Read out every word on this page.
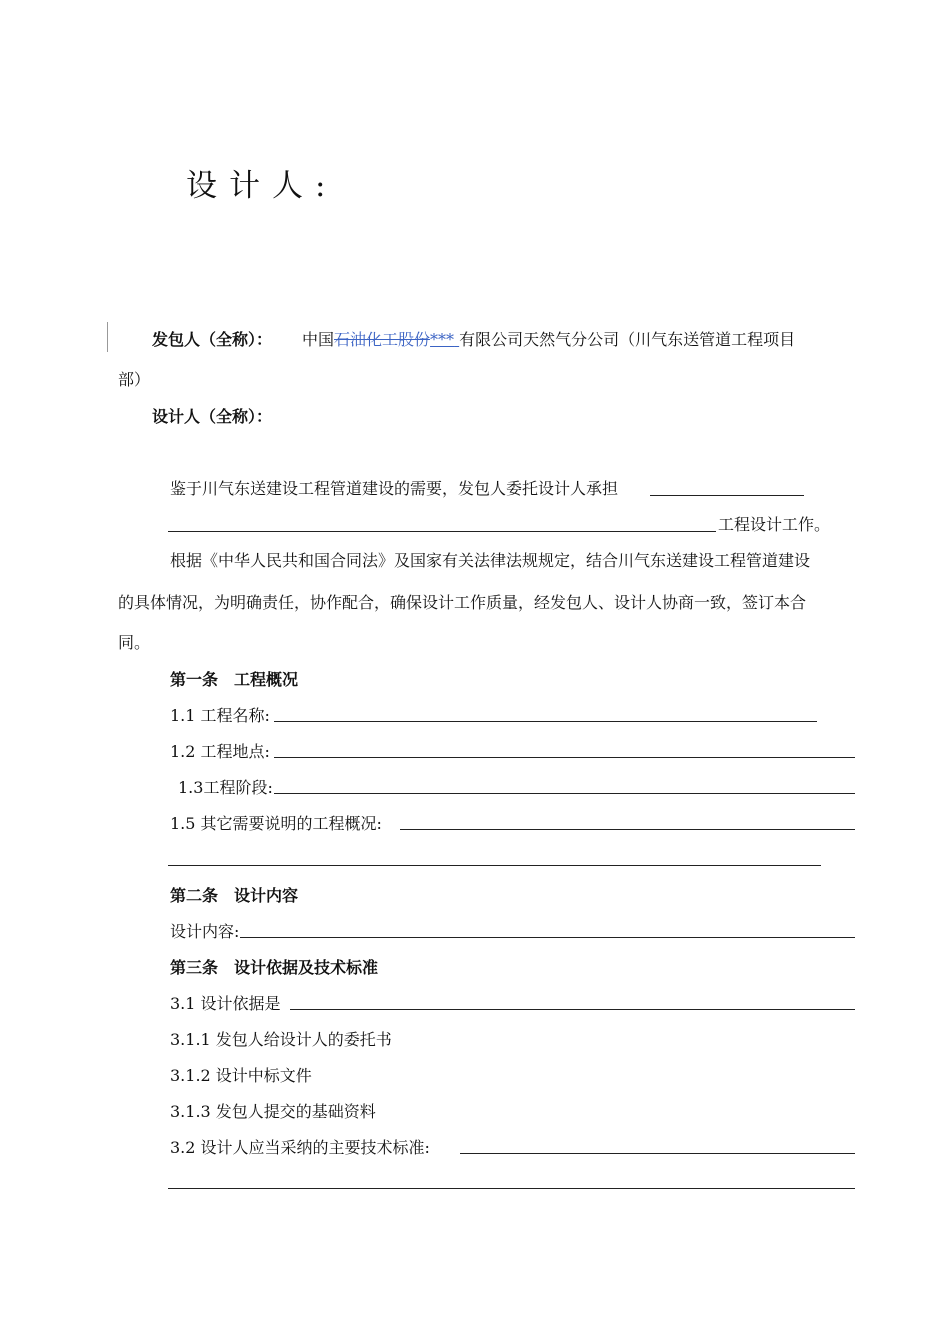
设计人:
发包人（全称）： 中国石油化工股份*** 有限公司天然气分公司（川气东送管道工程项目
部）
设计人（全称）：
鉴于川气东送建设工程管道建设的需要，发包人委托设计人承担
工程设计工作。
根据《中华人民共和国合同法》及国家有关法律法规规定，结合川气东送建设工程管道建设
的具体情况，为明确责任，协作配合，确保设计工作质量，经发包人、设计人协商一致，签订本合
同。
第一条　工程概况
1.1 工程名称:
1.2 工程地点:
1.3工程阶段:
1.5 其它需要说明的工程概况:
第二条　设计内容
设计内容:
第三条　设计依据及技术标准
3.1 设计依据是
3.1.1 发包人给设计人的委托书
3.1.2 设计中标文件
3.1.3 发包人提交的基础资料
3.2 设计人应当采纳的主要技术标准:
